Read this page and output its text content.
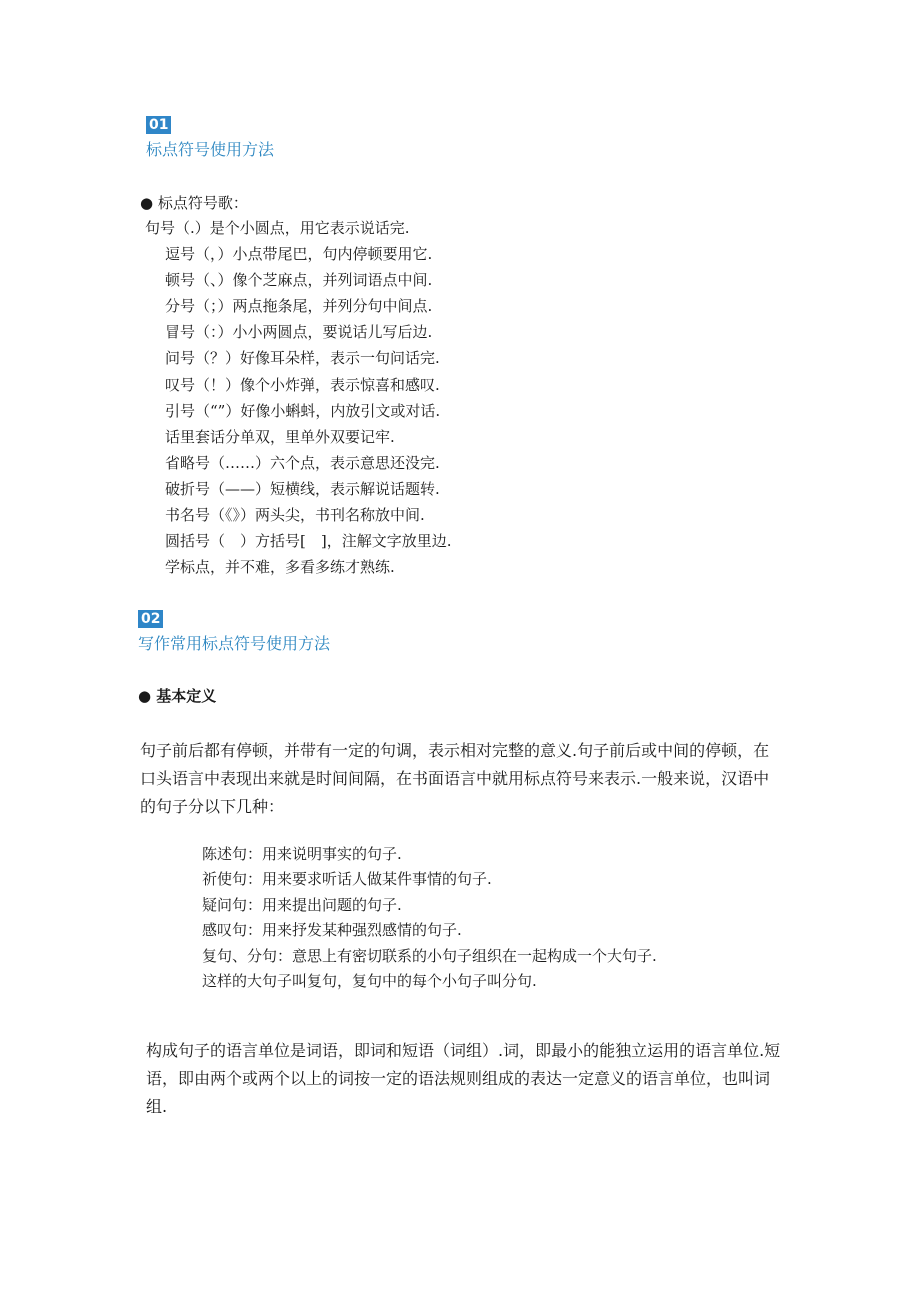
01
标点符号使用方法
● 标点符号歌：
句号（.）是个小圆点，用它表示说话完.
逗号（，）小点带尾巴，句内停顿要用它.
顿号（、）像个芝麻点，并列词语点中间.
分号（；）两点拖条尾，并列分句中间点.
冒号（：）小小两圆点，要说话儿写后边.
问号（？）好像耳朵样，表示一句问话完.
叹号（！）像个小炸弹，表示惊喜和感叹.
引号（“”）好像小蝌蚪，内放引文或对话.
话里套话分单双，里单外双要记牢.
省略号（……）六个点，表示意思还没完.
破折号（——）短横线，表示解说话题转.
书名号（《》）两头尖，书刊名称放中间.
圆括号（　）方括号[　]，注解文字放里边.
学标点，并不难，多看多练才熟练.
02
写作常用标点符号使用方法
● 基本定义

句子前后都有停顿，并带有一定的句调，表示相对完整的意义.句子前后或中间的停顿，在口头语言中表现出来就是时间间隔，在书面语言中就用标点符号来表示.一般来说，汉语中的句子分以下几种：

陈述句：用来说明事实的句子.
祈使句：用来要求听话人做某件事情的句子.
疑问句：用来提出问题的句子.
感叹句：用来抒发某种强烈感情的句子.
复句、分句：意思上有密切联系的小句子组织在一起构成一个大句子.
这样的大句子叫复句，复句中的每个小句子叫分句.

构成句子的语言单位是词语，即词和短语（词组）.词，即最小的能独立运用的语言单位.短语，即由两个或两个以上的词按一定的语法规则组成的表达一定意义的语言单位，也叫词组.
